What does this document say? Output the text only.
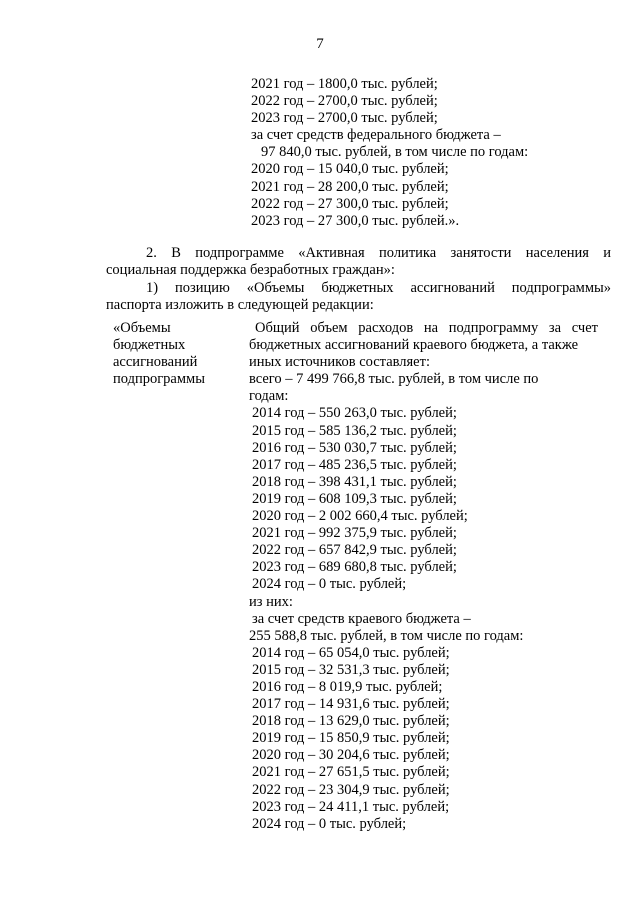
7
2021 год – 1800,0 тыс. рублей;
2022 год – 2700,0 тыс. рублей;
2023 год – 2700,0 тыс. рублей;
за счет средств федерального бюджета –
97 840,0 тыс. рублей, в том числе по годам:
2020 год – 15 040,0 тыс. рублей;
2021 год – 28 200,0 тыс. рублей;
2022 год – 27 300,0 тыс. рублей;
2023 год – 27 300,0 тыс. рублей.».
2. В подпрограмме «Активная политика занятости населения и
социальная поддержка безработных граждан»:
1) позицию «Объемы бюджетных ассигнований подпрограммы»
паспорта изложить в следующей редакции:
«Объемы
бюджетных
ассигнований
подпрограммы
Общий объем расходов на подпрограмму за счет
бюджетных ассигнований краевого бюджета, а также
иных источников составляет:
всего – 7 499 766,8 тыс. рублей, в том числе по
годам:
2014 год – 550 263,0 тыс. рублей;
2015 год – 585 136,2 тыс. рублей;
2016 год – 530 030,7 тыс. рублей;
2017 год – 485 236,5 тыс. рублей;
2018 год – 398 431,1 тыс. рублей;
2019 год – 608 109,3 тыс. рублей;
2020 год – 2 002 660,4 тыс. рублей;
2021 год – 992 375,9 тыс. рублей;
2022 год – 657 842,9 тыс. рублей;
2023 год – 689 680,8 тыс. рублей;
2024 год – 0 тыс. рублей;
из них:
за счет средств краевого бюджета –
255 588,8 тыс. рублей, в том числе по годам:
2014 год – 65 054,0 тыс. рублей;
2015 год – 32 531,3 тыс. рублей;
2016 год – 8 019,9 тыс. рублей;
2017 год – 14 931,6 тыс. рублей;
2018 год – 13 629,0 тыс. рублей;
2019 год – 15 850,9 тыс. рублей;
2020 год – 30 204,6 тыс. рублей;
2021 год – 27 651,5 тыс. рублей;
2022 год – 23 304,9 тыс. рублей;
2023 год – 24 411,1 тыс. рублей;
2024 год – 0 тыс. рублей;
